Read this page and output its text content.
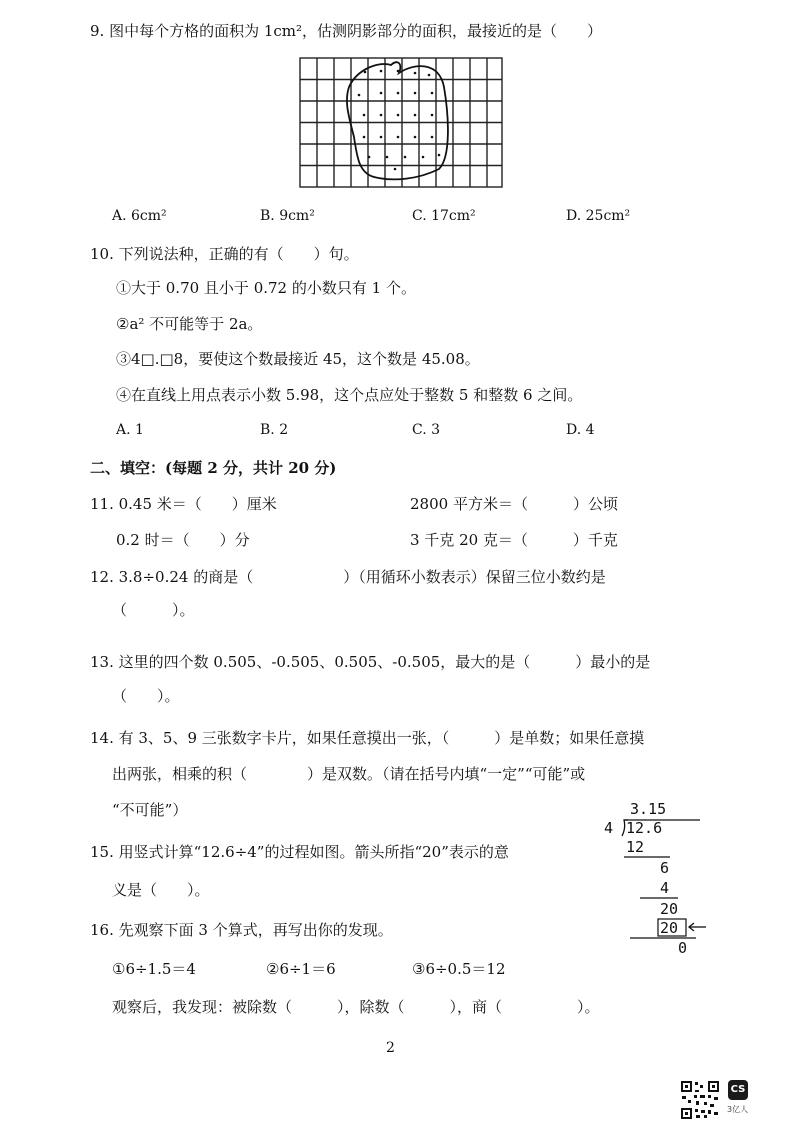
9. 图中每个方格的面积为 1cm²，估测阴影部分的面积，最接近的是（　　）
A. 6cm²	B. 9cm²	C. 17cm²	D. 25cm²
10. 下列说法种，正确的有（　　）句。
①大于 0.70 且小于 0.72 的小数只有 1 个。
②a² 不可能等于 2a。
③4□.□8，要使这个数最接近 45，这个数是 45.08。
④在直线上用点表示小数 5.98，这个点应处于整数 5 和整数 6 之间。
A. 1	B. 2	C. 3	D. 4
二、填空：(每题 2 分，共计 20 分)
11. 0.45 米＝（　　）厘米	2800 平方米＝（　　　）公顷
0.2 时＝（　　）分	3 千克 20 克＝（　　　）千克
12. 3.8÷0.24 的商是（　　　　　　）（用循环小数表示）保留三位小数约是
（　　　）。
13. 这里的四个数 0.505、-0.505、0.505、-0.505，最大的是（　　　）最小的是
（　　）。
14. 有 3、5、9 三张数字卡片，如果任意摸出一张，（　　　）是单数；如果任意摸
出两张，相乘的积（　　　　）是双数。（请在括号内填“一定”“可能”或
“不可能”）
15. 用竖式计算“12.6÷4”的过程如图。箭头所指“20”表示的意
义是（　　）。
3.15
4 12.6
12
6
4
20
20
0
16. 先观察下面 3 个算式，再写出你的发现。
①6÷1.5＝4	②6÷1＝6	③6÷0.5＝12
观察后，我发现：被除数（　　　），除数（　　　），商（　　　　　）。
2
CS
3亿人
